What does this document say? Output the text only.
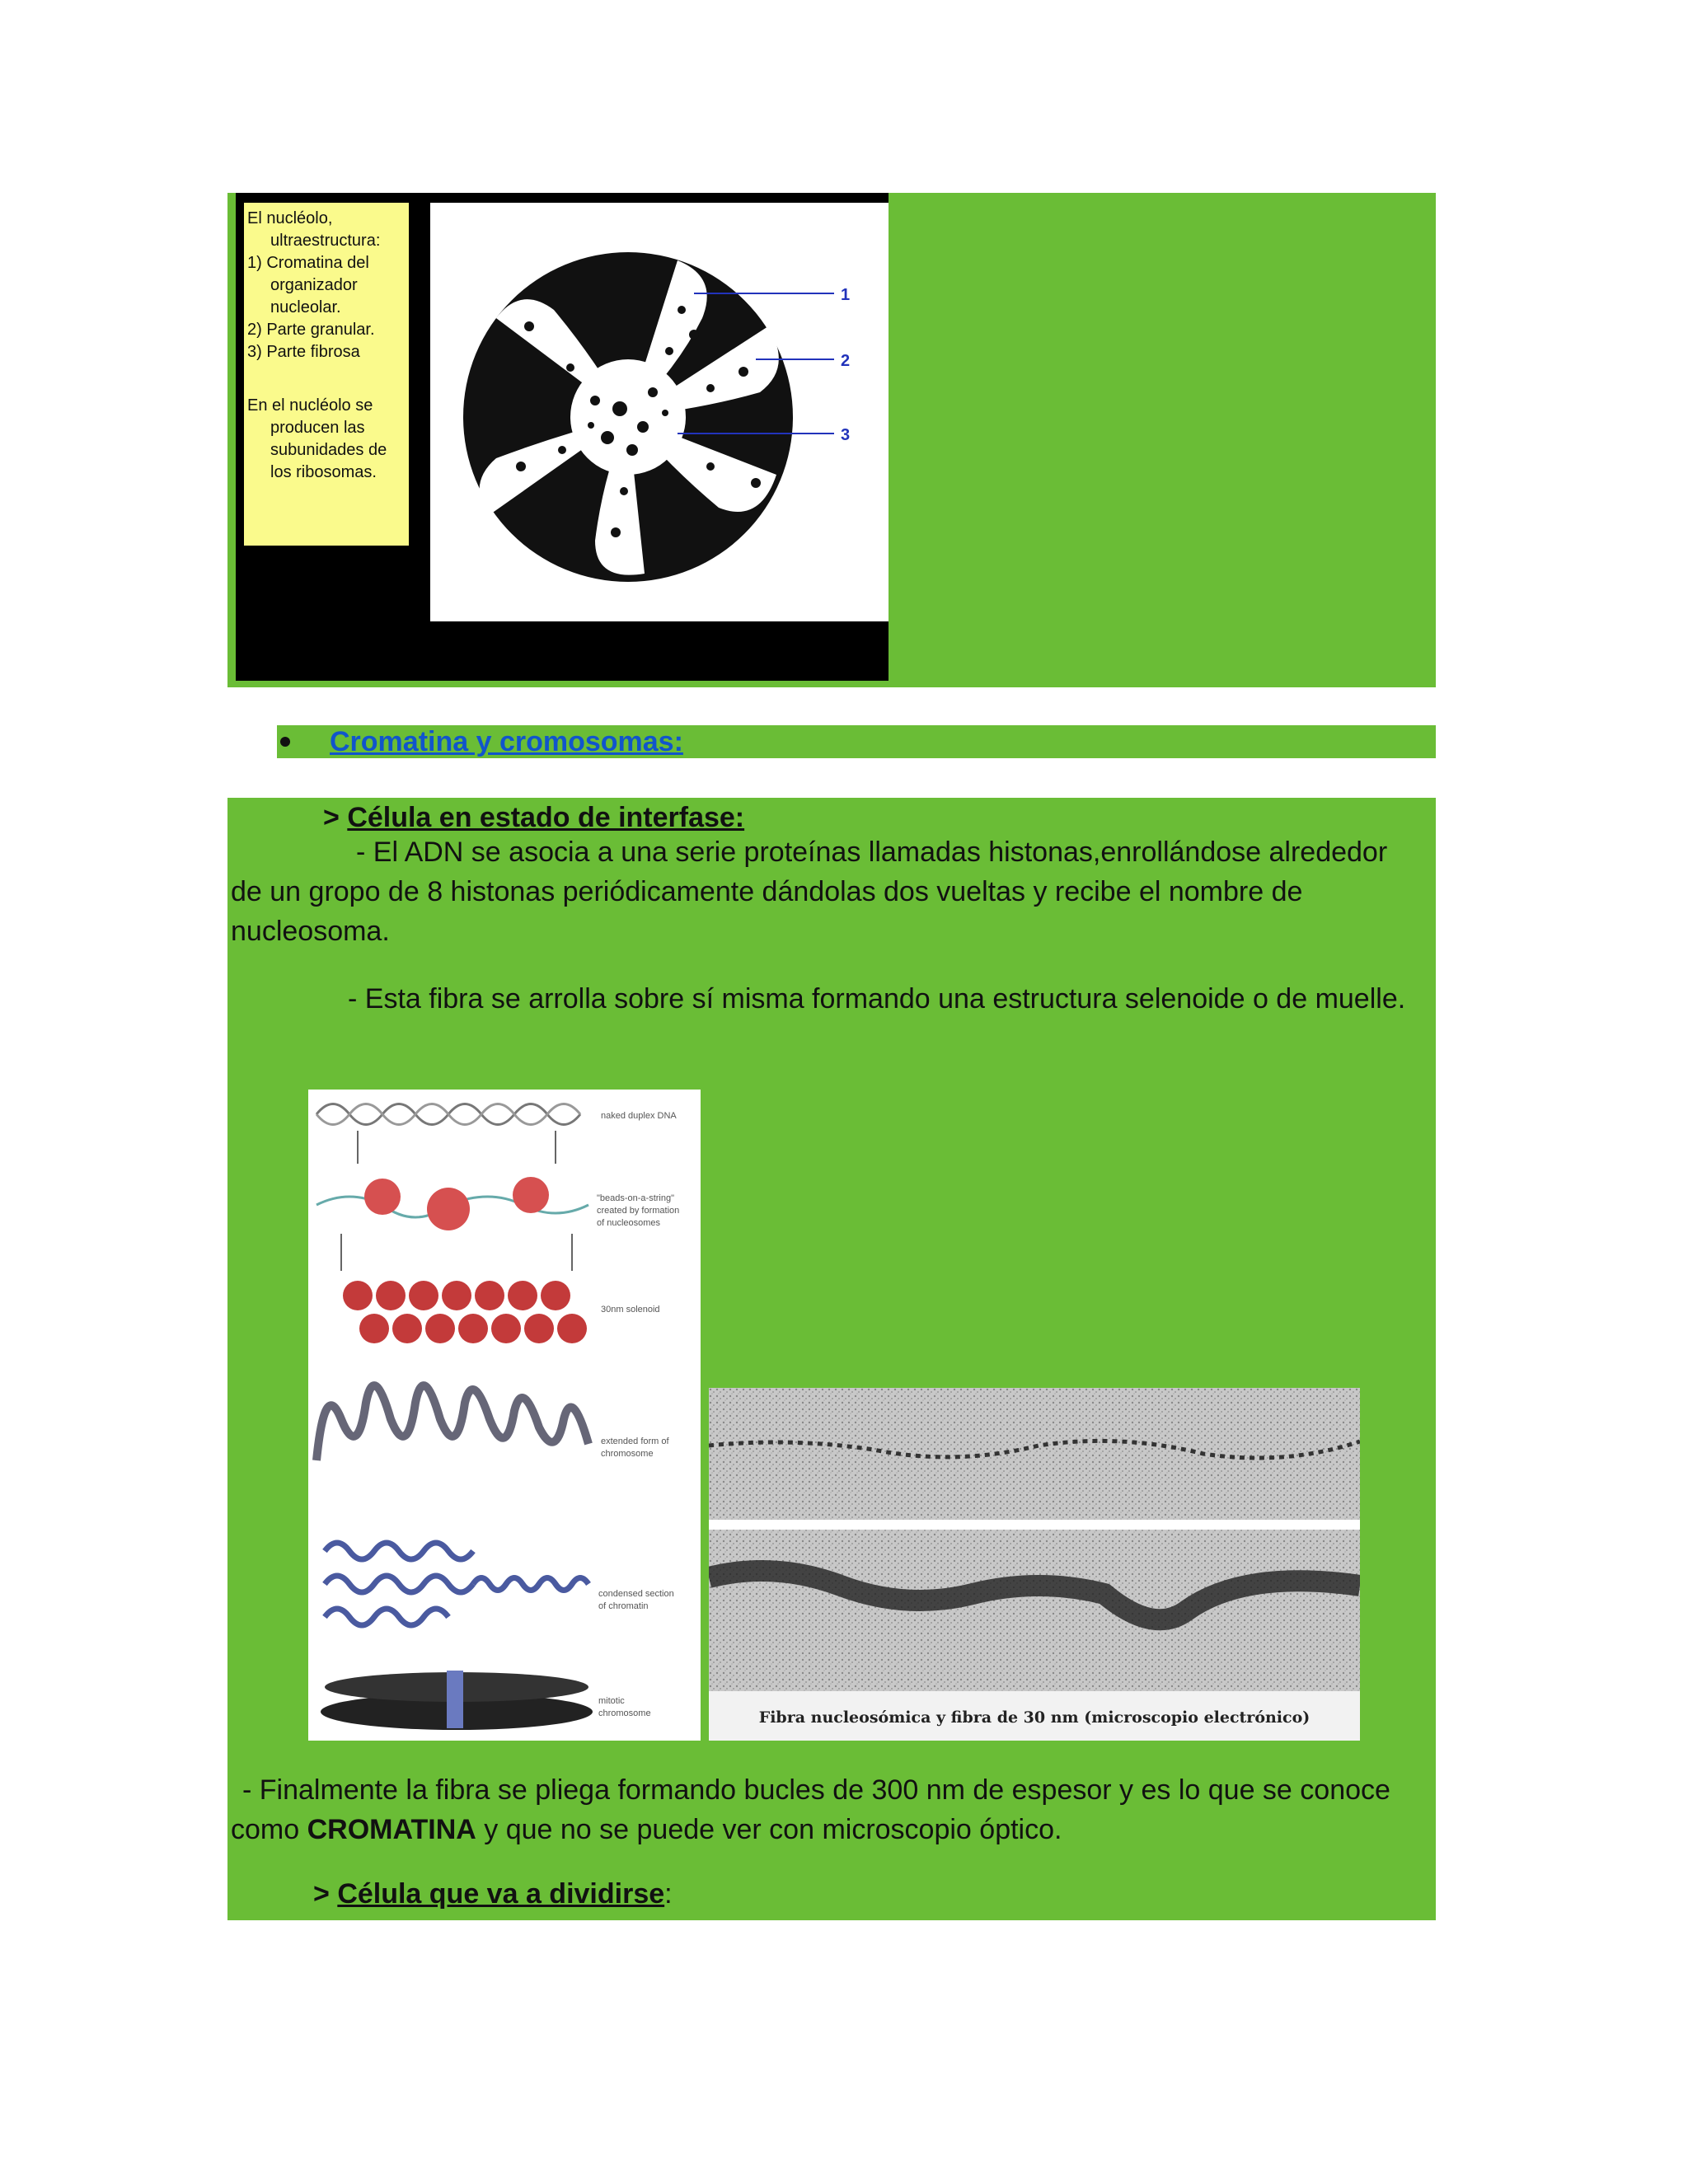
El nucléolo,
ultraestructura:
1) Cromatina del organizador nucleolar.
2) Parte granular.
3) Parte fibrosa
En el nucléolo se producen las subunidades de los ribosomas.
1
2
3
Cromatina y cromosomas:
> Célula en estado de interfase:
- El ADN se asocia a una serie proteínas llamadas histonas,enrollándose alrededor de un gropo de 8 histonas periódicamente dándolas dos vueltas y recibe el nombre de nucleosoma.
- Esta fibra se arrolla sobre sí misma formando una estructura selenoide o de muelle.
naked duplex DNA
"beads-on-a-string"
created by formation
of nucleosomes
30nm solenoid
extended form of
chromosome
condensed section
of chromatin
mitotic
chromosome	Fibra nucleosómica y fibra de 30 nm (microscopio electrónico)
- Finalmente la fibra se pliega formando bucles de 300 nm de espesor y es lo que se conoce como CROMATINA y que no se puede ver con microscopio óptico.
> Célula que va a dividirse:
